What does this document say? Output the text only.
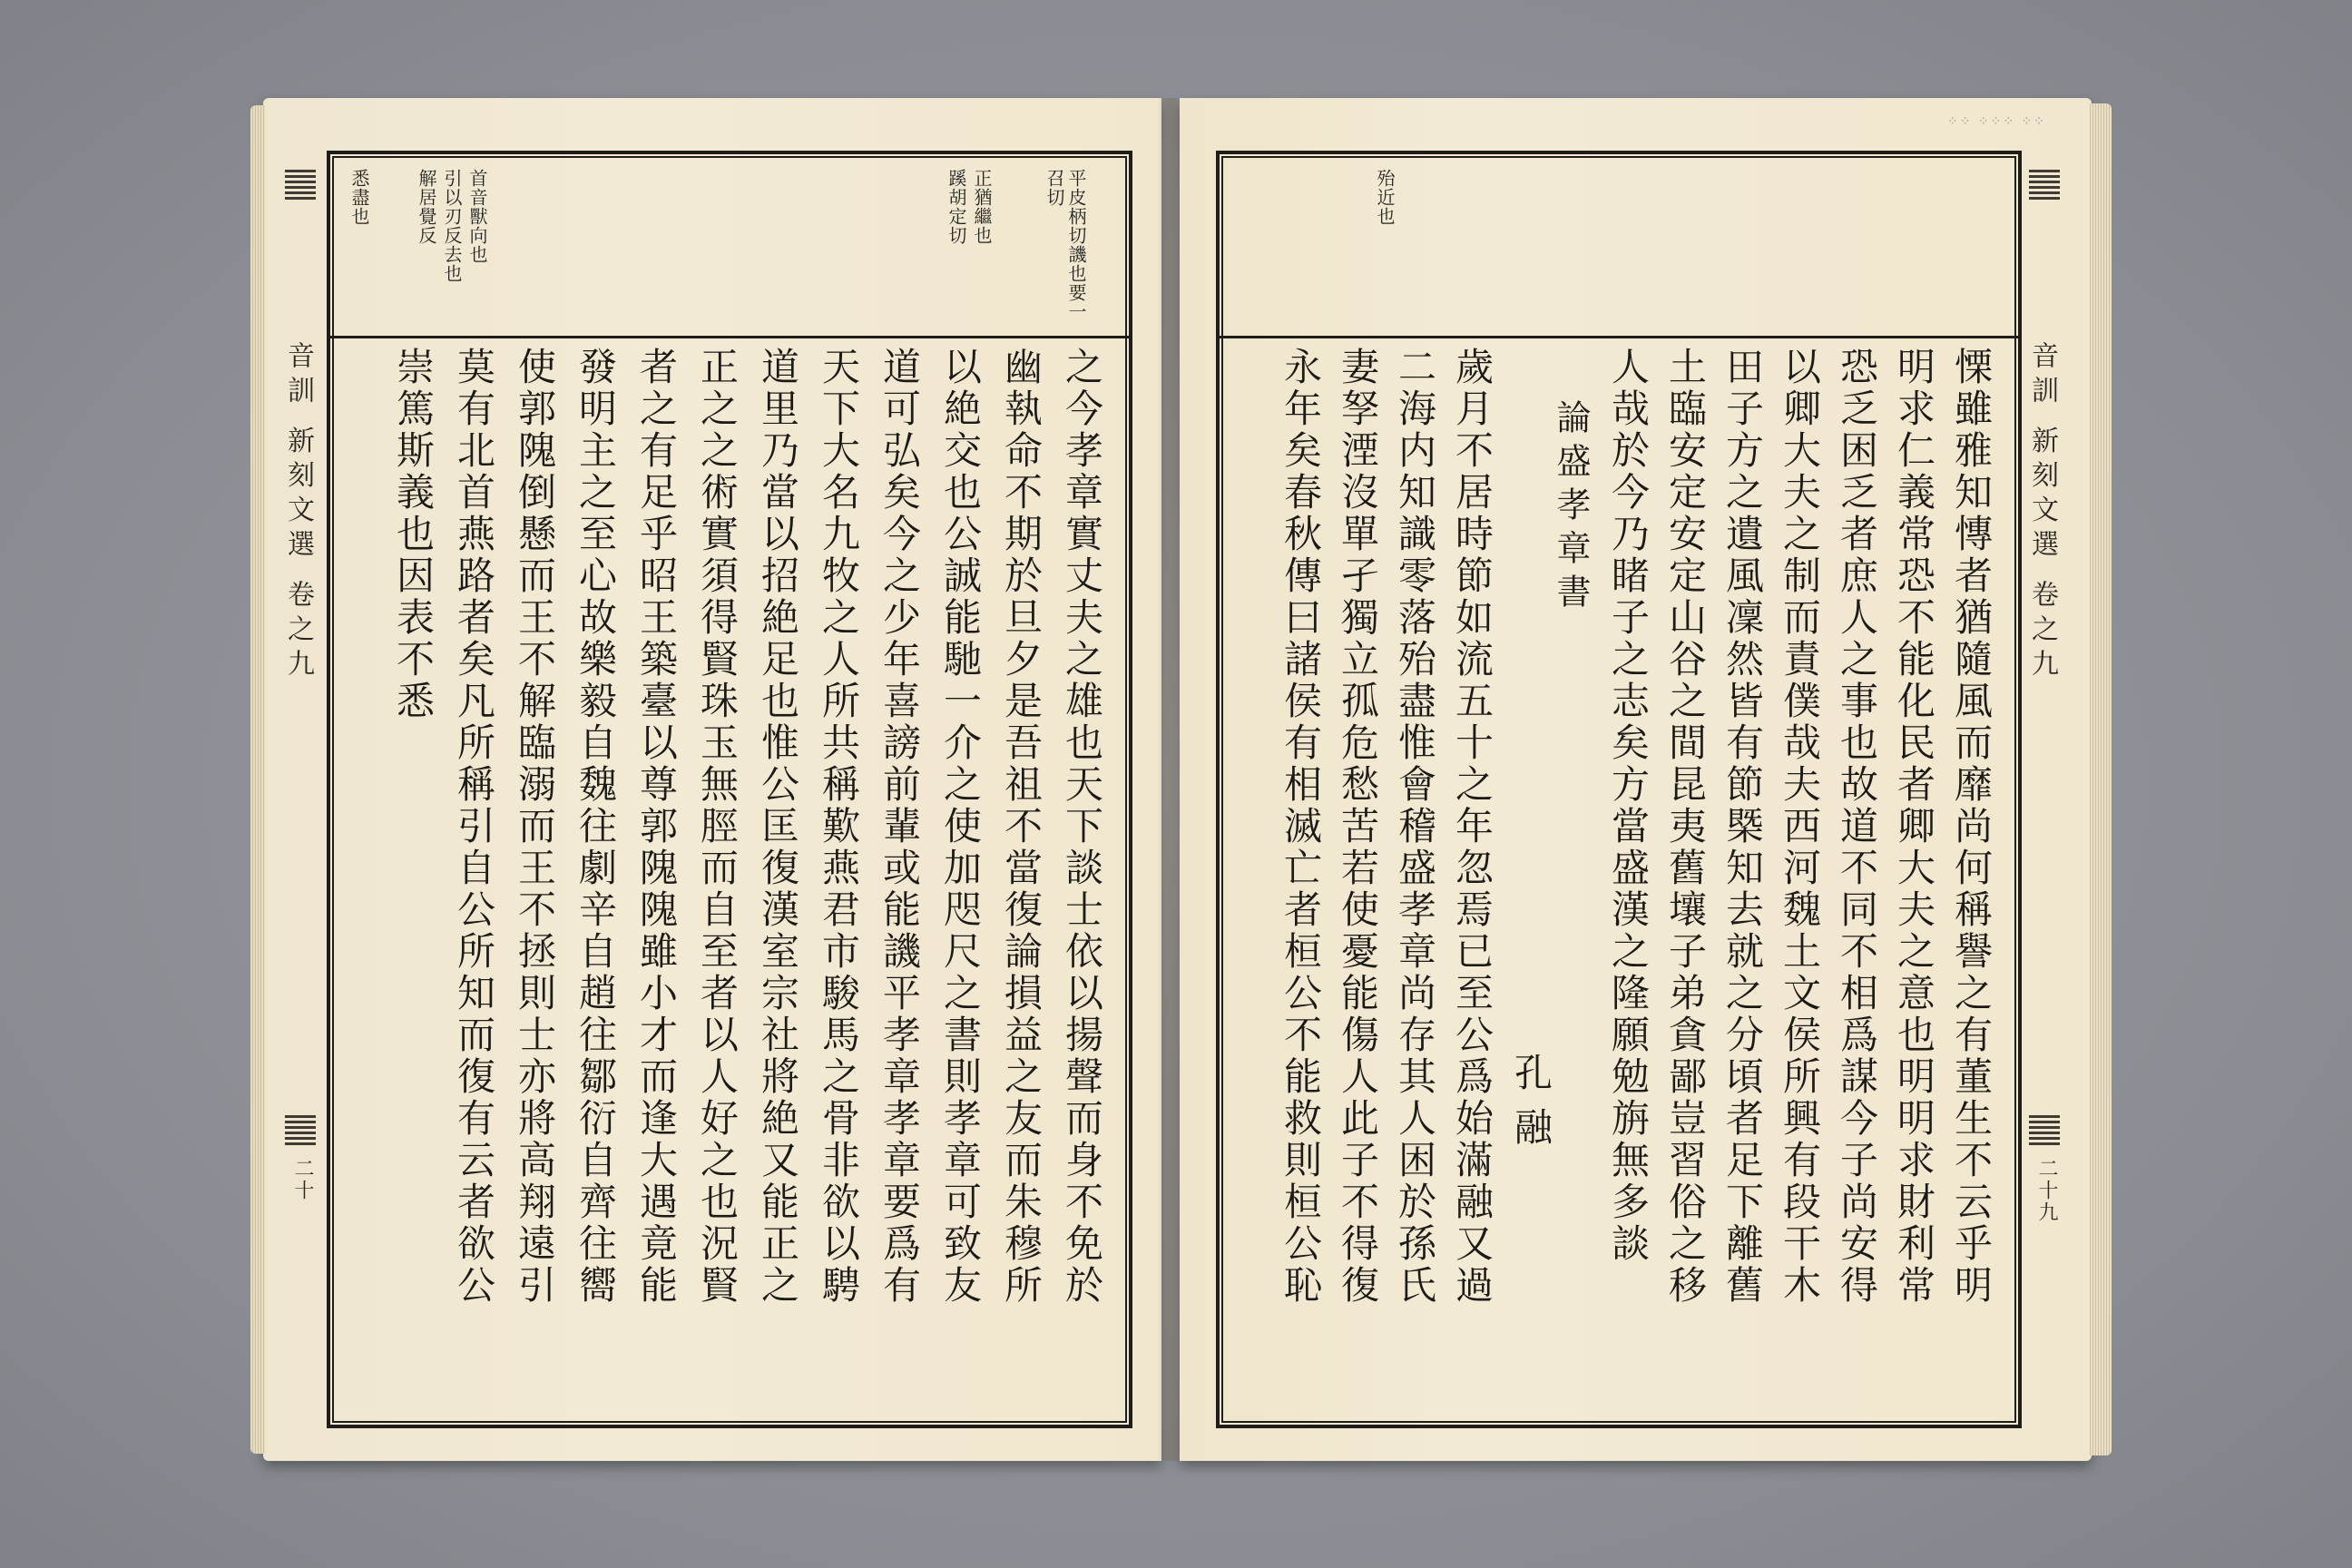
音訓 新刻文選 卷之九
二十
平皮柄切譏也要一召切
正猶繼也
蹊胡定切
首音獸向也
引以刃反去也
解居覺反
悉盡也
之今孝章實丈夫之雄也天下談士依以揚聲而身不免於
幽執命不期於旦夕是吾祖不當復論損益之友而朱穆所
以絶交也公誠能馳一介之使加咫尺之書則孝章可致友
道可弘矣今之少年喜謗前輩或能譏平孝章孝章要爲有
天下大名九牧之人所共稱歎燕君市駿馬之骨非欲以騁
道里乃當以招絶足也惟公匡復漢室宗社將絶又能正之
正之之術實須得賢珠玉無脛而自至者以人好之也況賢
者之有足乎昭王築臺以尊郭隗隗雖小才而逢大遇竟能
發明主之至心故樂毅自魏往劇辛自趙往鄒衍自齊往嚮
使郭隗倒懸而王不解臨溺而王不拯則士亦將高翔遠引
莫有北首燕路者矣凡所稱引自公所知而復有云者欲公
崇篤斯義也因表不悉
⁘⁘ ⁘⁘⁘ ⁘⁘
殆近也
慄雖雅知慱者猶隨風而靡尚何稱譽之有董生不云乎明
明求仁義常恐不能化民者卿大夫之意也明明求財利常
恐乏困乏者庶人之事也故道不同不相爲謀今子尚安得
以卿大夫之制而責僕哉夫西河魏土文侯所興有段干木
田子方之遺風凜然皆有節槩知去就之分頃者足下離舊
土臨安定安定山谷之間昆夷舊壤子弟貪鄙豈習俗之移
人哉於今乃睹子之志矣方當盛漢之隆願勉旃無多談
論盛孝章書
孔融
歲月不居時節如流五十之年忽焉已至公爲始滿融又過
二海内知識零落殆盡惟會稽盛孝章尚存其人困於孫氏
妻孥湮沒單孑獨立孤危愁苦若使憂能傷人此子不得復
永年矣春秋傳曰諸侯有相滅亡者桓公不能救則桓公恥	音訓 新刻文選 卷之九
二十九
